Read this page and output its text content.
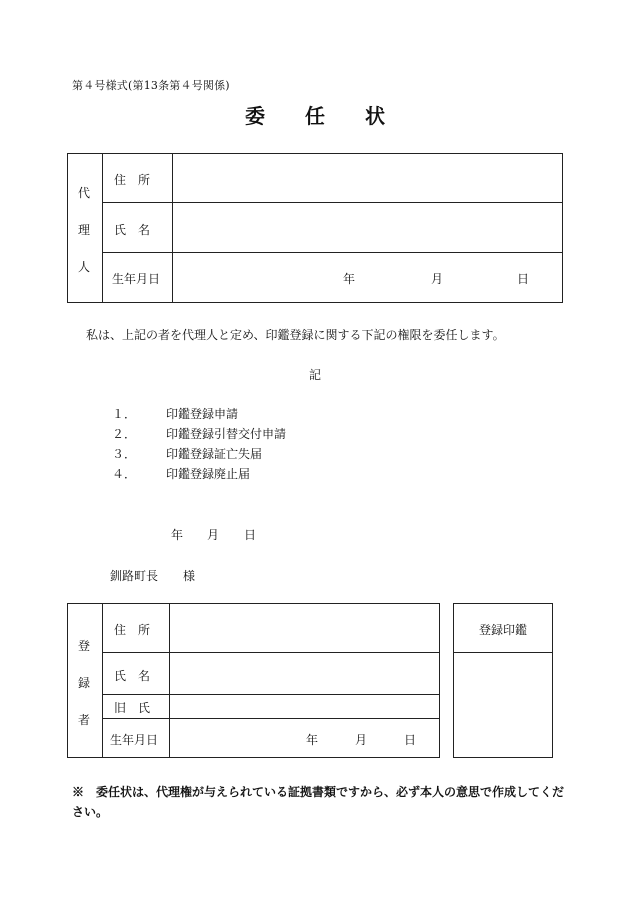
第４号様式(第13条第４号関係)
委任状
代
理
人
住　所
氏　名
生年月日	年	月	日
私は、上記の者を代理人と定め、印鑑登録に関する下記の権限を委任します。
記
１． 印鑑登録申請
２． 印鑑登録引替交付申請
３． 印鑑登録証亡失届
４． 印鑑登録廃止届
年 月 日
釧路町長 様
登
録
者
住　所
氏　名
旧　氏
生年月日	年	月	日
登録印鑑
※　委任状は、代理権が与えられている証拠書類ですから、必ず本人の意思で作成してください。
